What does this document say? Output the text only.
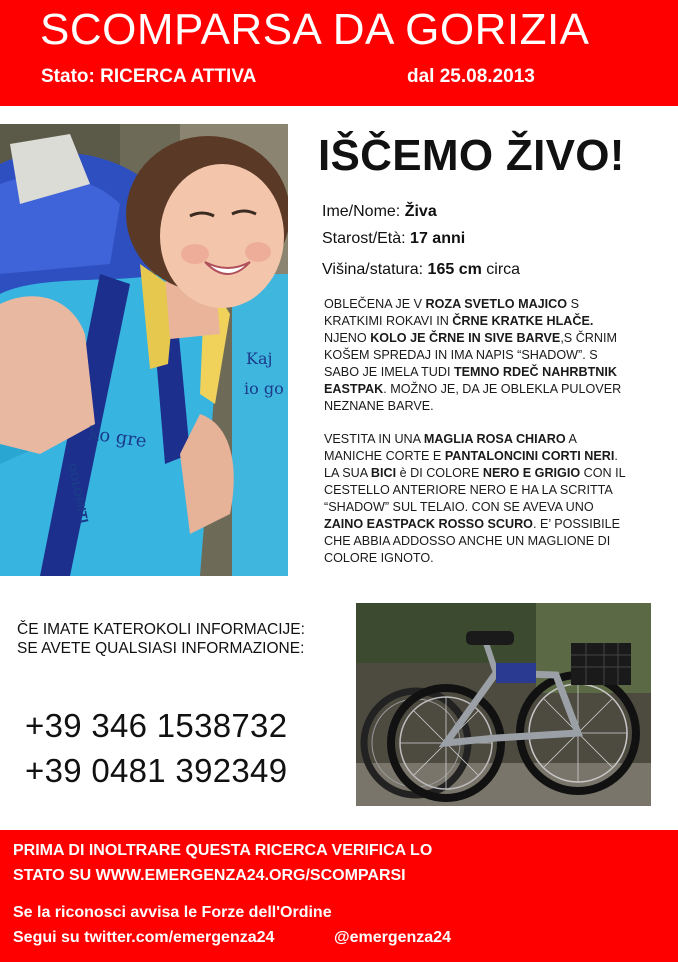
SCOMPARSA DA GORIZIA
Stato: RICERCA ATTIVA	dal 25.08.2013
Kaj
io go
ko gre
DOLOMITI
IŠČEMO ŽIVO!
Ime/Nome: Živa
Starost/Età: 17 anni
Višina/statura: 165 cm circa
OBLEČENA JE V ROZA SVETLO MAJICO S KRATKIMI ROKAVI IN ČRNE KRATKE HLAČE. NJENO KOLO JE ČRNE IN SIVE BARVE,S ČRNIM KOŠEM SPREDAJ IN IMA NAPIS “SHADOW”. S SABO JE IMELA TUDI TEMNO RDEČ NAHRBTNIK EASTPAK. MOŽNO JE, DA JE OBLEKLA PULOVER NEZNANE BARVE.
VESTITA IN UNA MAGLIA ROSA CHIARO A MANICHE CORTE E PANTALONCINI CORTI NERI. LA SUA BICI è DI COLORE NERO E GRIGIO CON IL CESTELLO ANTERIORE NERO E HA LA SCRITTA “SHADOW” SUL TELAIO. CON SE AVEVA UNO ZAINO EASTPACK ROSSO SCURO. E’ POSSIBILE CHE ABBIA ADDOSSO ANCHE UN MAGLIONE DI COLORE IGNOTO.
ČE IMATE KATEROKOLI INFORMACIJE:
SE AVETE QUALSIASI INFORMAZIONE:
+39 346 1538732
+39 0481 392349
PRIMA DI INOLTRARE QUESTA RICERCA VERIFICA LO
STATO SU WWW.EMERGENZA24.ORG/SCOMPARSI
Se la riconosci avvisa le Forze dell'Ordine
Segui su twitter.com/emergenza24	@emergenza24
